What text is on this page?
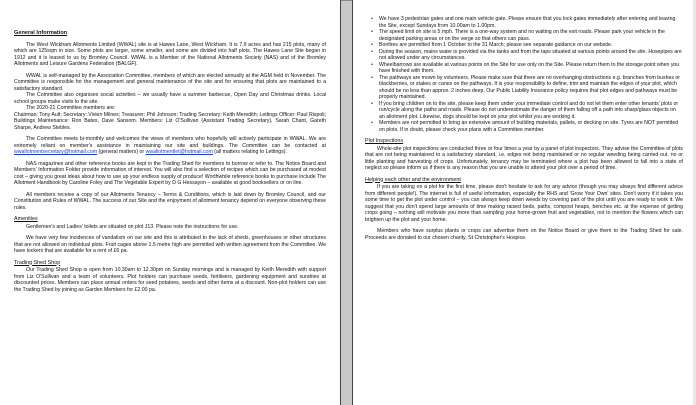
General Information

The West Wickham Allotments Limited (WWAL) site is at Hawes Lane, West Wickham. It is 7.9 acres and has 215 plots, many of which are 125sqm in size. Some plots are larger, some smaller, and some are divided into half plots. The Hawes Lane Site began in 1912 and it is leased to us by Bromley Council. WWAL is a Member of the National Allotments Society (NAS) and of the Bromley Allotments and Leisure Gardens Federation (BALGF).

WWAL is self-managed by the Association Committee, members of which are elected annually at the AGM held in November. The Committee is responsible for the management and general maintenance of the site and for ensuring that plots are maintained to a satisfactory standard.

The Committee also organises social activities – we usually have a summer barbecue, Open Day and Christmas drinks. Local school groups make visits to the site.

The 2020-21 Committee members are:

Chairman: Tony Ault; Secretary: Vivien Milnes; Treasurer: Phil Johnson; Trading Secretary: Keith Meredith; Lettings Officer: Paul Rispoli; Buildings Maintenance: Ron Bates, Dave Sansom. Members: Liz O'Sullivan (Assistant Trading Secretary), Sarah Chant, Gareth Sharpe, Andrew Stebles.

The Committee meets bi-monthly and welcomes the views of members who hopefully will actively participate in WWAL. We are extremely reliant on member's assistance in maintaining our site and buildings. The Committee can be contacted at wwallotmentsecretary@hotmail.com (general matters) or wwallotmentlet@hotmail.com (all matters relating to Lettings).

NAS magazines and other reference books are kept in the Trading Shed for members to borrow or refer to. The Notice Board and Members' Information Folder provide information of interest. You will also find a selection of recipes which can be purchased at modest cost – giving you great ideas about how to use up your endless supply of produce! Worthwhile reference books to purchase include The Allotment Handbook by Caroline Foley and The Vegetable Expert by D G Hessayon – available at good booksellers or on line.

All members receive a copy of our Allotments Tenancy – Terms & Conditions, which is laid down by Bromley Council, and our Constitution and Rules of WWAL. The success of our Site and the enjoyment of allotment tenancy depend on everyone observing these rules.

Amenities

Gentlemen's and Ladies' toilets are situated on plot J13. Please note the instructions for use.

We have very few incidences of vandalism on our site and this is attributed to the lack of sheds, greenhouses or other structures that are not allowed on individual plots. Fruit cages above 1.5 metre high are permitted with written agreement from the Committee. We have lockers that are available for a rent of £6 pa.

Trading Shed Shop

Our Trading Shed Shop is open from 10.30am to 12.30pm on Sunday mornings and is managed by Keith Meredith with support from Liz O'Sullivan and a team of volunteers. Plot holders can purchase seeds, fertilisers, gardening equipment and sundries at discounted prices. Members can place annual orders for seed potatoes, seeds and other items at a discount. Non-plot holders can use the Trading Shed by joining as Garden Members for £2.00 pa.

• We have 3 pedestrian gates and one main vehicle gate. Please ensure that you lock gates immediately after entering and leaving the Site, except Sundays from 10.00am to 1.00pm.
• The speed limit on site is 5 mph. There is a one-way system and no waiting on the exit roads. Please park your vehicle in the designated parking areas or on the verge so that others can pass.
• Bonfires are permitted from 1 October to the 31 March; please see separate guidance on our website.
• During the season, mains water is provided via the tanks and from the taps situated at various points around the site. Hosepipes are not allowed under any circumstances.
• Wheelbarrows are available at various points on the Site for use only on the Site. Please return them to the storage point when you have finished with them.
• The pathways are mown by volunteers. Please make sure that there are no overhanging obstructions e.g. branches from bushes or blackberries, or stakes or canes on the pathways. It is your responsibility to define, trim and maintain the edges of your plot, which should be no less than approx. 2 inches deep. Our Public Liability Insurance policy requires that plot edges and pathways must be properly maintained.
• If you bring children on to the site, please keep them under your immediate control and do not let them enter other tenants' plots or run/cycle along the paths and roads. Please do not underestimate the danger of them falling off a path into sharp/glass objects on an allotment plot. Likewise, dogs should be kept on your plot whilst you are working it.
• Members are not permitted to bring an extensive amount of building materials, pallets, or decking on site. Tyres are NOT permitted on plots. If in doubt, please check your plans with a Committee member.
Plot Inspections

Whole-site plot inspections are conducted three or four times a year by a panel of plot inspectors. They advise the Committee of plots that are not being maintained to a satisfactory standard, i.e. edges not being maintained or no regular weeding being carried out, no or little planting and harvesting of crops. Unfortunately, tenancy may be terminated where a plot has been allowed to fall into a state of neglect so please inform us if there is any reason that you are unable to attend your plot over a period of time.

Helping each other and the environment

If you are taking on a plot for the first time, please don't hesitate to ask for any advice (though you may always find different advice from different people!). The internet is full of useful information, especially the RHS and 'Grow Your Own' sites. Don't worry if it takes you some time to get the plot under control – you can always keep down weeds by covering part of the plot until you are ready to work it. We suggest that you don't spend large amounts of time making raised beds, paths, compost heaps, benches etc. at the expense of getting crops going – nothing will motivate you more than sampling your home-grown fruit and vegetables, not to mention the flowers which can brighten up the plot and your home.

Members who have surplus plants or crops can advertise them on the Notice Board or give them to the Trading Shed for sale. Proceeds are donated to our chosen charity, St Christopher's Hospice.
